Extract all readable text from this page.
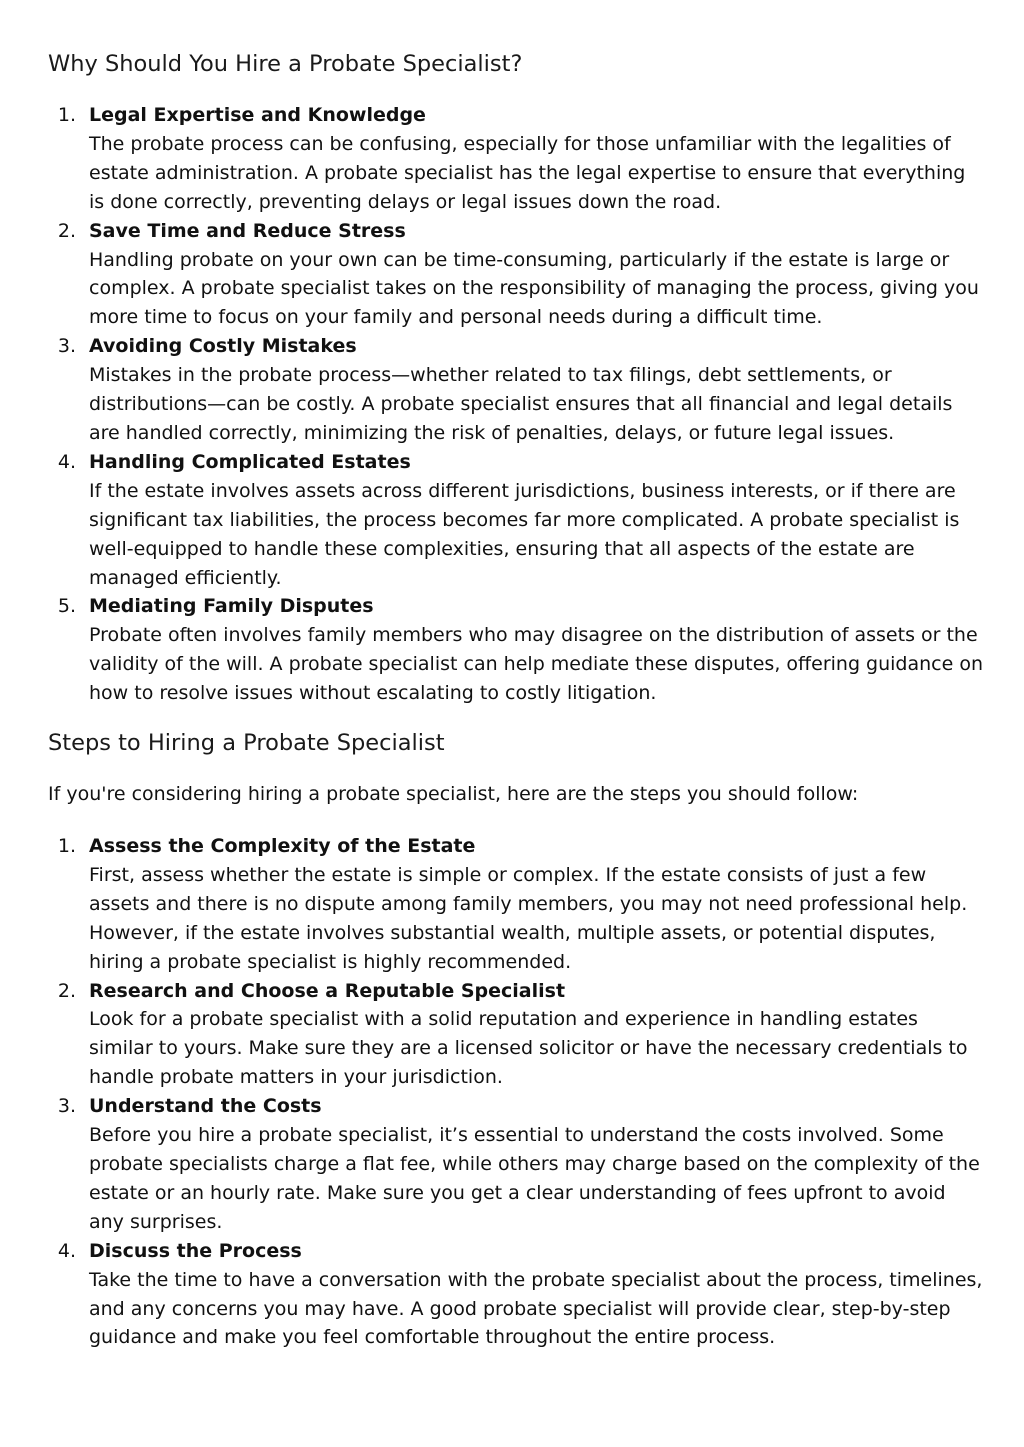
Why Should You Hire a Probate Specialist?
1. Legal Expertise and Knowledge
The probate process can be confusing, especially for those unfamiliar with the legalities of estate administration. A probate specialist has the legal expertise to ensure that everything is done correctly, preventing delays or legal issues down the road.
2. Save Time and Reduce Stress
Handling probate on your own can be time-consuming, particularly if the estate is large or complex. A probate specialist takes on the responsibility of managing the process, giving you more time to focus on your family and personal needs during a difficult time.
3. Avoiding Costly Mistakes
Mistakes in the probate process—whether related to tax filings, debt settlements, or distributions—can be costly. A probate specialist ensures that all financial and legal details are handled correctly, minimizing the risk of penalties, delays, or future legal issues.
4. Handling Complicated Estates
If the estate involves assets across different jurisdictions, business interests, or if there are significant tax liabilities, the process becomes far more complicated. A probate specialist is well-equipped to handle these complexities, ensuring that all aspects of the estate are managed efficiently.
5. Mediating Family Disputes
Probate often involves family members who may disagree on the distribution of assets or the validity of the will. A probate specialist can help mediate these disputes, offering guidance on how to resolve issues without escalating to costly litigation.
Steps to Hiring a Probate Specialist

If you're considering hiring a probate specialist, here are the steps you should follow:

1. Assess the Complexity of the Estate
First, assess whether the estate is simple or complex. If the estate consists of just a few assets and there is no dispute among family members, you may not need professional help. However, if the estate involves substantial wealth, multiple assets, or potential disputes, hiring a probate specialist is highly recommended.
2. Research and Choose a Reputable Specialist
Look for a probate specialist with a solid reputation and experience in handling estates similar to yours. Make sure they are a licensed solicitor or have the necessary credentials to handle probate matters in your jurisdiction.
3. Understand the Costs
Before you hire a probate specialist, it’s essential to understand the costs involved. Some probate specialists charge a flat fee, while others may charge based on the complexity of the estate or an hourly rate. Make sure you get a clear understanding of fees upfront to avoid any surprises.
4. Discuss the Process
Take the time to have a conversation with the probate specialist about the process, timelines, and any concerns you may have. A good probate specialist will provide clear, step-by-step guidance and make you feel comfortable throughout the entire process.
